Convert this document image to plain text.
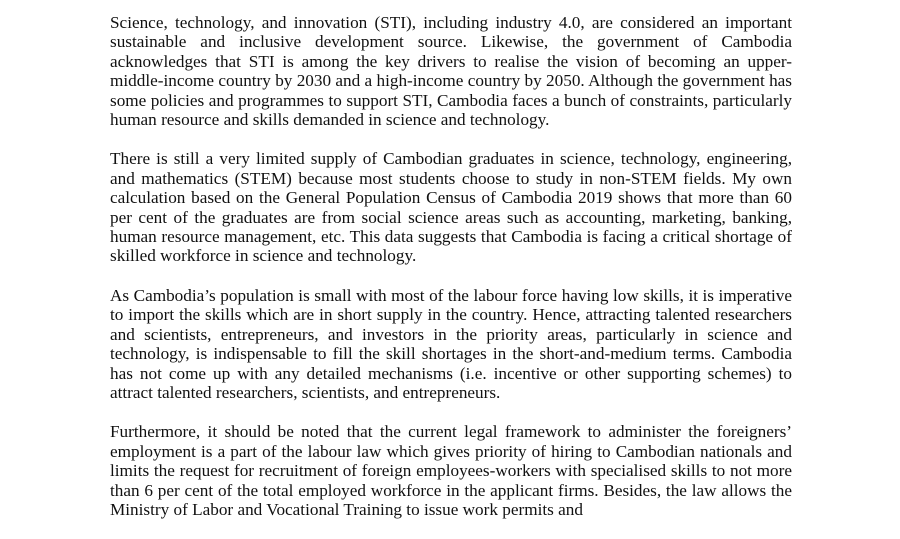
Science, technology, and innovation (STI), including industry 4.0, are considered an important sustainable and inclusive development source. Likewise, the government of Cambodia acknowledges that STI is among the key drivers to realise the vision of becoming an upper-middle-income country by 2030 and a high-income country by 2050. Although the government has some policies and programmes to support STI, Cambodia faces a bunch of constraints, particularly human resource and skills demanded in science and technology.

There is still a very limited supply of Cambodian graduates in science, technology, engineering, and mathematics (STEM) because most students choose to study in non-STEM fields. My own calculation based on the General Population Census of Cambodia 2019 shows that more than 60 per cent of the graduates are from social science areas such as accounting, marketing, banking, human resource management, etc. This data suggests that Cambodia is facing a critical shortage of skilled workforce in science and technology.

As Cambodia’s population is small with most of the labour force having low skills, it is imperative to import the skills which are in short supply in the country. Hence, attracting talented researchers and scientists, entrepreneurs, and investors in the priority areas, particularly in science and technology, is indispensable to fill the skill shortages in the short-and-medium terms. Cambodia has not come up with any detailed mechanisms (i.e. incentive or other supporting schemes) to attract talented researchers, scientists, and entrepreneurs.

Furthermore, it should be noted that the current legal framework to administer the foreigners’ employment is a part of the labour law which gives priority of hiring to Cambodian nationals and limits the request for recruitment of foreign employees-workers with specialised skills to not more than 6 per cent of the total employed workforce in the applicant firms. Besides, the law allows the Ministry of Labor and Vocational Training to issue work permits and
